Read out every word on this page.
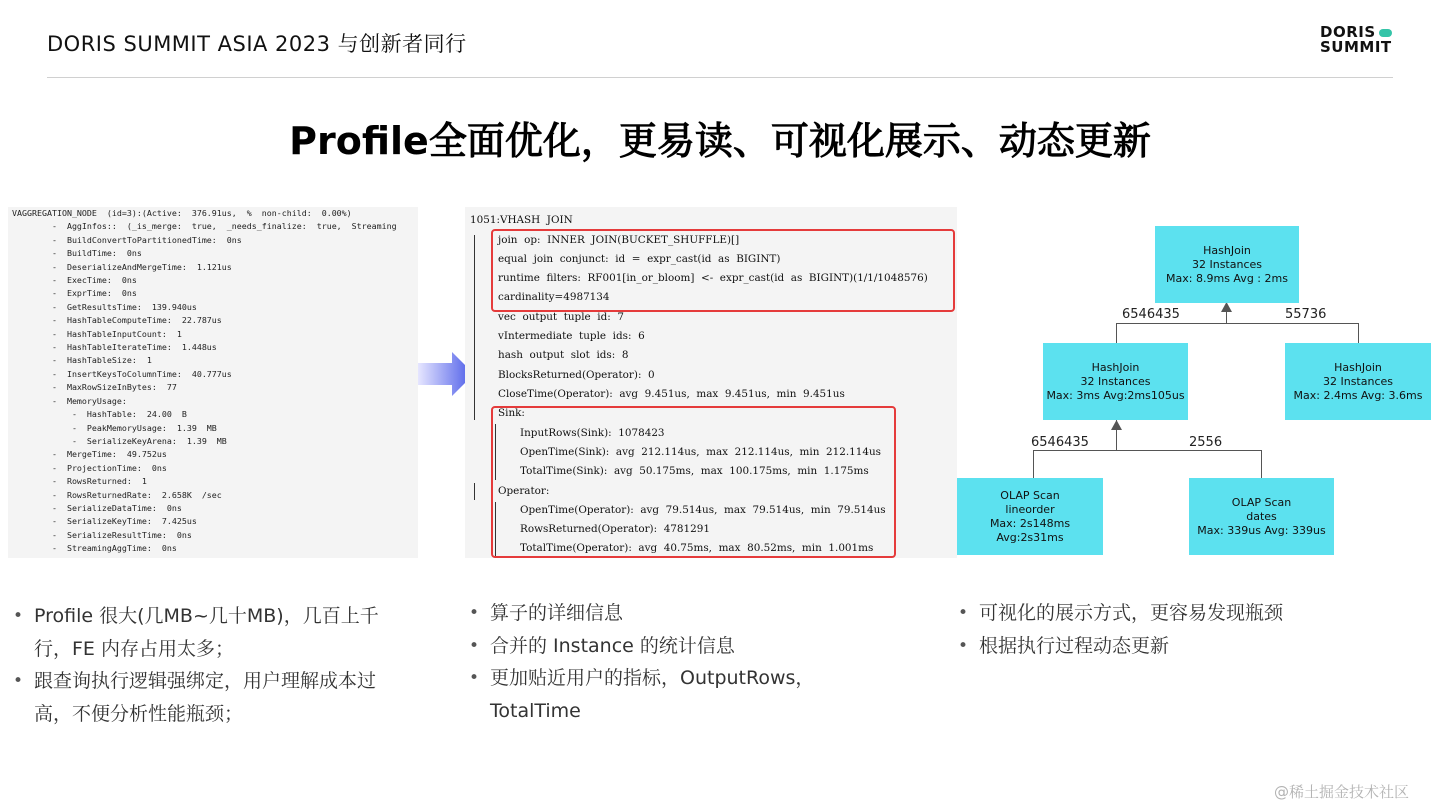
DORIS SUMMIT ASIA 2023 与创新者同行	DORIS
SUMMIT
Profile全面优化，更易读、可视化展示、动态更新
VAGGREGATION_NODE  (id=3):(Active:  376.91us,  %  non-child:  0.00%)
-  AggInfos::  (_is_merge:  true,  _needs_finalize:  true,  Streaming
-  BuildConvertToPartitionedTime:  0ns
-  BuildTime:  0ns
-  DeserializeAndMergeTime:  1.121us
-  ExecTime:  0ns
-  ExprTime:  0ns
-  GetResultsTime:  139.940us
-  HashTableComputeTime:  22.787us
-  HashTableInputCount:  1
-  HashTableIterateTime:  1.448us
-  HashTableSize:  1
-  InsertKeysToColumnTime:  40.777us
-  MaxRowSizeInBytes:  77
-  MemoryUsage:
-  HashTable:  24.00  B
-  PeakMemoryUsage:  1.39  MB
-  SerializeKeyArena:  1.39  MB
-  MergeTime:  49.752us
-  ProjectionTime:  0ns
-  RowsReturned:  1
-  RowsReturnedRate:  2.658K  /sec
-  SerializeDataTime:  0ns
-  SerializeKeyTime:  7.425us
-  SerializeResultTime:  0ns
-  StreamingAggTime:  0ns
1051:VHASH  JOIN
join  op:  INNER  JOIN(BUCKET_SHUFFLE)[]
equal  join  conjunct:  id  =  expr_cast(id  as  BIGINT)
runtime  filters:  RF001[in_or_bloom]  <-  expr_cast(id  as  BIGINT)(1/1/1048576)
cardinality=4987134
vec  output  tuple  id:  7
vIntermediate  tuple  ids:  6
hash  output  slot  ids:  8
BlocksReturned(Operator):  0
CloseTime(Operator):  avg  9.451us,  max  9.451us,  min  9.451us
Sink:
InputRows(Sink):  1078423
OpenTime(Sink):  avg  212.114us,  max  212.114us,  min  212.114us
TotalTime(Sink):  avg  50.175ms,  max  100.175ms,  min  1.175ms
Operator:
OpenTime(Operator):  avg  79.514us,  max  79.514us,  min  79.514us
RowsReturned(Operator):  4781291
TotalTime(Operator):  avg  40.75ms,  max  80.52ms,  min  1.001ms
HashJoin
32 Instances
Max: 8.9ms Avg : 2ms
HashJoin
32 Instances
Max: 3ms Avg:2ms105us
HashJoin
32 Instances
Max: 2.4ms Avg: 3.6ms
OLAP Scan
lineorder
Max: 2s148ms Avg:2s31ms
OLAP Scan
dates
Max: 339us Avg: 339us
6546435	55736
6546435	2556
• Profile 很大(几MB~几十MB)，几百上千行，FE 内存占用太多；
• 跟查询执行逻辑强绑定，用户理解成本过高，不便分析性能瓶颈；
• 算子的详细信息
• 合并的 Instance 的统计信息
• 更加贴近用户的指标，OutputRows，TotalTime
• 可视化的展示方式，更容易发现瓶颈
• 根据执行过程动态更新
@稀土掘金技术社区
